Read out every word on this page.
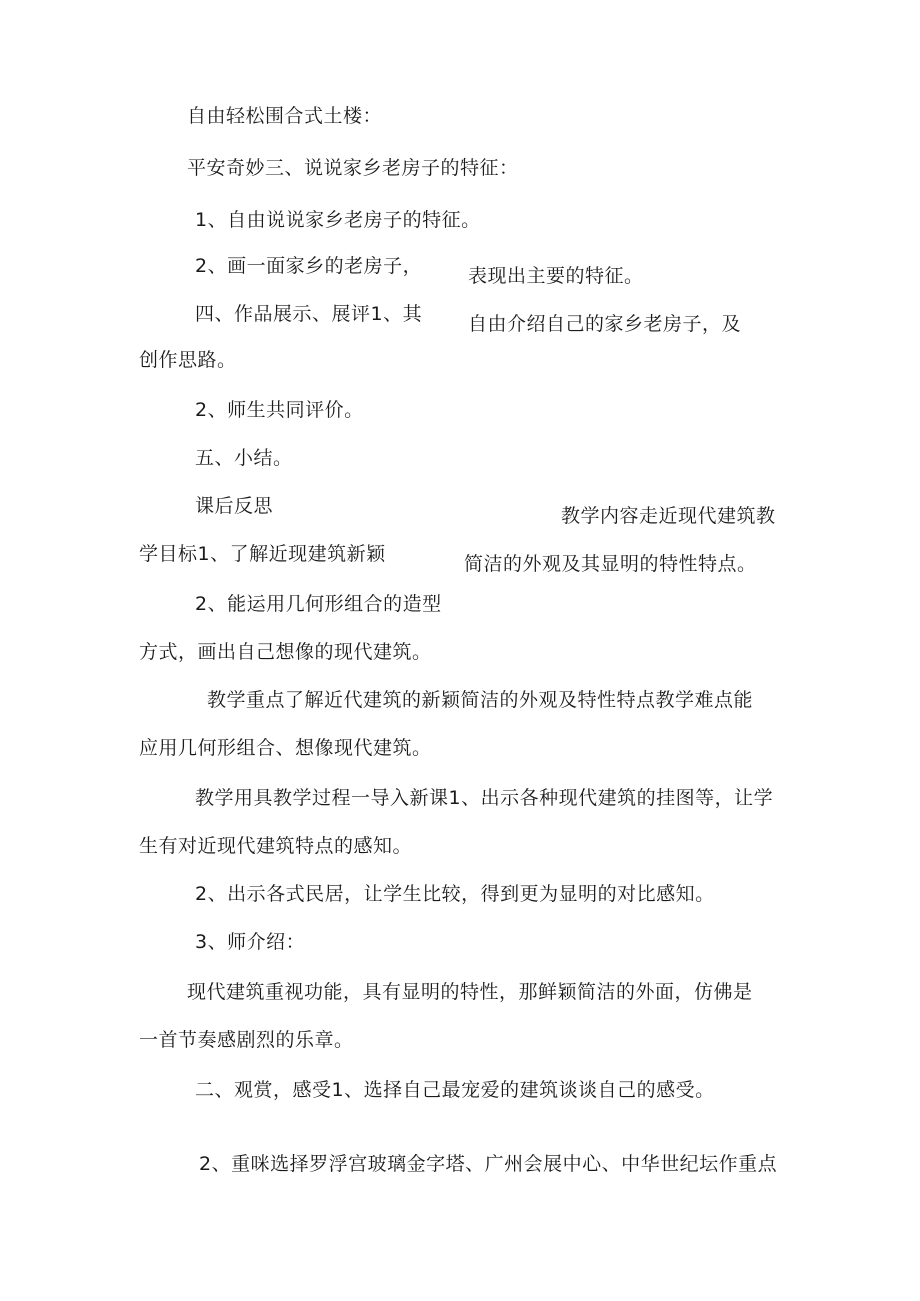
自由轻松围合式土楼：
平安奇妙三、说说家乡老房子的特征：
1、自由说说家乡老房子的特征。
2、画一面家乡的老房子， 表现出主要的特征。
四、作品展示、展评1、其 自由介绍自己的家乡老房子，及
创作思路。
2、师生共同评价。
五、小结。
课后反思	教学内容走近现代建筑教
学目标1、了解近现建筑新颖	简洁的外观及其显明的特性特点。
2、能运用几何形组合的造型
方式，画出自己想像的现代建筑。
教学重点了解近代建筑的新颖简洁的外观及特性特点教学难点能
应用几何形组合、想像现代建筑。
教学用具教学过程一导入新课1、出示各种现代建筑的挂图等，让学
生有对近现代建筑特点的感知。
2、出示各式民居，让学生比较，得到更为显明的对比感知。
3、师介绍：
现代建筑重视功能，具有显明的特性，那鲜颖简洁的外面，仿佛是
一首节奏感剧烈的乐章。
二、观赏，感受1、选择自己最宠爱的建筑谈谈自己的感受。
2、重咪选择罗浮宫玻璃金字塔、广州会展中心、中华世纪坛作重点
